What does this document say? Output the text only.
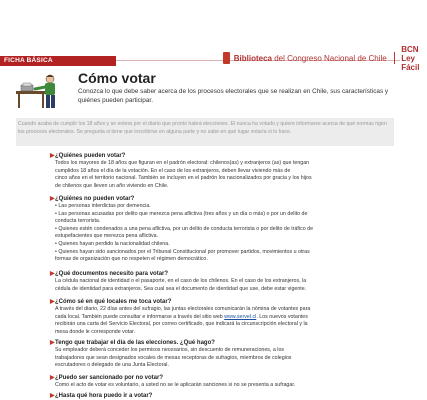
FICHA BÁSICA	Biblioteca del Congreso Nacional de Chile
BCN Ley Fácil
Cómo votar
Conozca lo que debe saber acerca de los procesos electorales que se realizan en Chile, sus características y quiénes pueden participar.
Cuando acaba de cumplir los 18 años y se entera por el diario que pronto habrá elecciones. El nunca ha votado y quiere informarse acerca de qué normas rigen los procesos electorales. Se pregunta si tiene que inscribirse en alguna parte y no sabe en qué lugar votaría si lo hace.
▶ ¿Quiénes pueden votar?

Todos los mayores de 18 años que figuran en el padrón electoral: chilenos(as) y extranjeros (as) que tengan

cumplidos 18 años el día de la votación. En el caso de los extranjeros, deben llevar viviendo más de

cinco años en el territorio nacional. También se incluyen en el padrón los nacionalizados por gracia y los hijos

de chilenos que lleven un año viviendo en Chile.

▶ ¿Quiénes no pueden votar?

• Las personas interdictas por demencia.

• Las personas acusadas por delito que merezca pena aflictiva (tres años y un día o más) o por un delito de

conducta terrorista.

• Quienes estén condenados a una pena aflictiva, por un delito de conducta terrorista o por delito de tráfico de

estupefacientes que merezca pena aflictiva.

• Quienes hayan perdido la nacionalidad chilena.

• Quienes hayan sido sancionados por el Tribunal Constitucional por promover partidos, movimientos u otras

formas de organización que no respeten el régimen democrático.

▶ ¿Qué documentos necesito para votar?

La cédula nacional de identidad o el pasaporte, en el caso de los chilenos. En el caso de los extranjeros, la

cédula de identidad para extranjeros. Sea cual sea el documento de identidad que use, debe estar vigente.

▶ ¿Cómo sé en qué locales me toca votar?

A través del diario, 22 días antes del sufragio, las juntas electorales comunicarán la nómina de votantes para

cada local. También puede consultar e informarse a través del sitio web www.servel.cl. Los nuevos votantes

recibirán una carta del Servicio Electoral, por correo certificado, que indicará la circunscripción electoral y la

mesa donde le corresponde votar.

▶ Tengo que trabajar el día de las elecciones. ¿Qué hago?

Su empleador deberá conceder los permisos necesarios, sin descuento de remuneraciones, a los

trabajadores que sean designados vocales de mesas receptoras de sufragios, miembros de colegios

escrutadores o delegado de una Junta Electoral.

▶ ¿Puedo ser sancionado por no votar?

Como el acto de votar es voluntario, a usted no se le aplicarán sanciones si no se presenta a sufragar.

▶ ¿Hasta qué hora puedo ir a votar?
